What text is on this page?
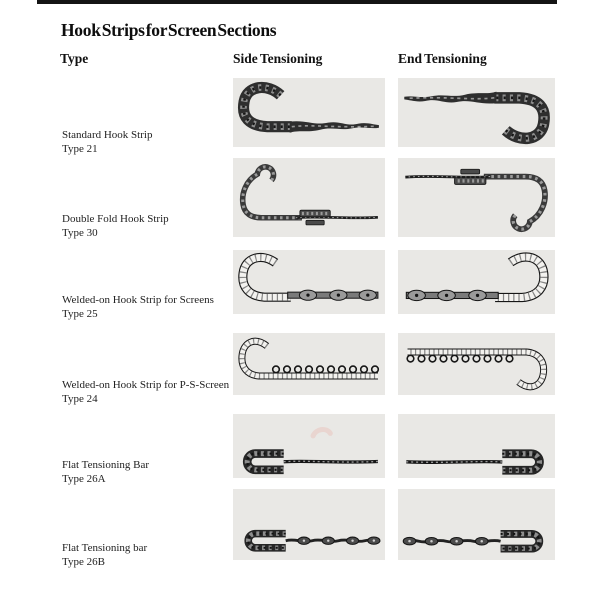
Hook Strips for Screen Sections
Type	Side Tensioning	End Tensioning
Standard Hook Strip
Type 21
Double Fold Hook Strip
Type 30
Welded-on Hook Strip for Screens
Type 25
Welded-on Hook Strip for P-S-Screen
Type 24
Flat Tensioning Bar
Type 26A
Flat Tensioning bar
Type 26B
